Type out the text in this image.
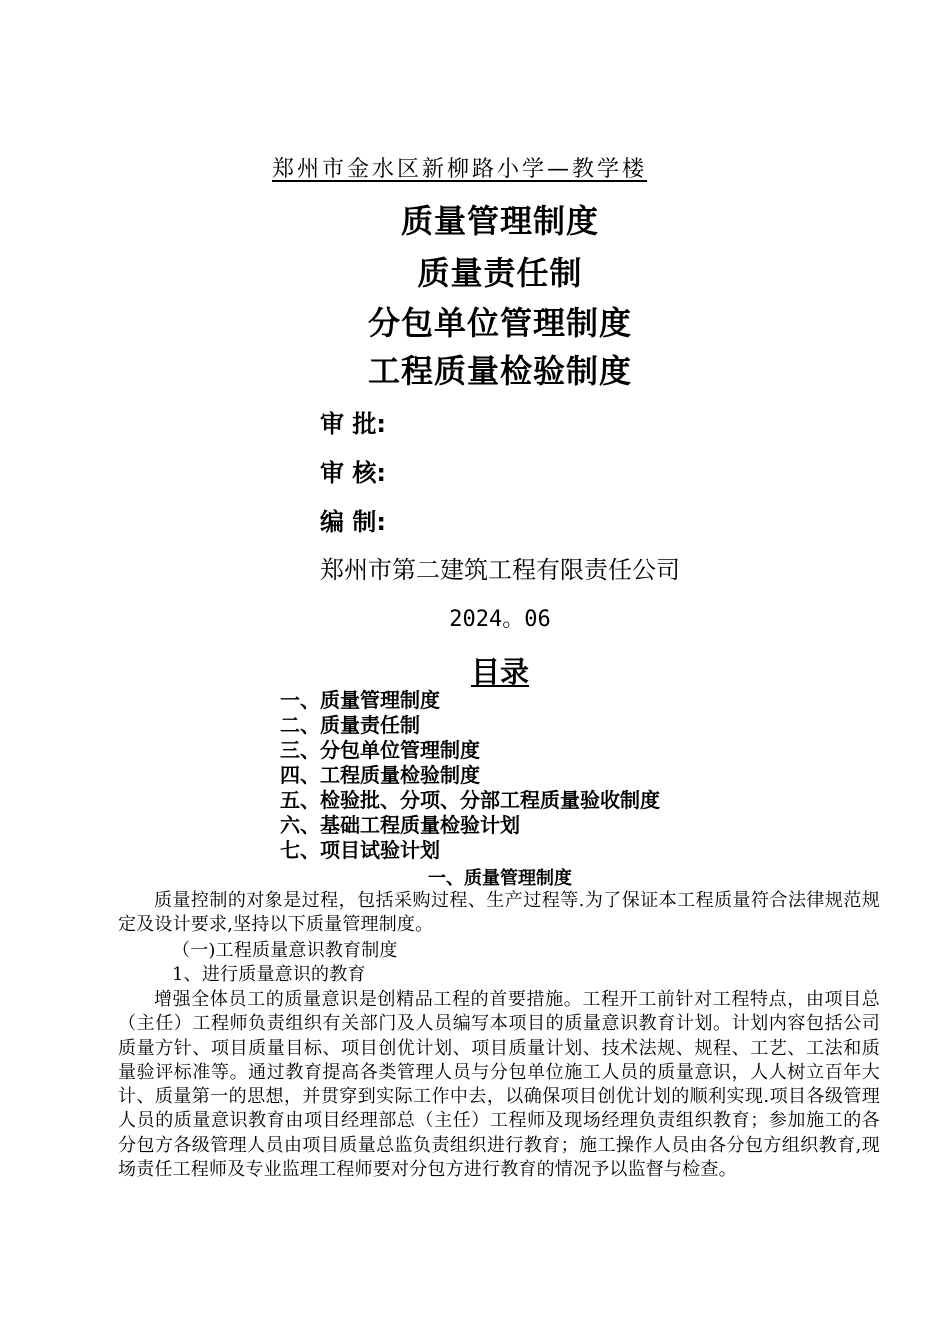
郑州市金水区新柳路小学—教学楼
质量管理制度
质量责任制
分包单位管理制度
工程质量检验制度
审 批:
审 核:
编 制:
郑州市第二建筑工程有限责任公司
2024。06
目录
一、质量管理制度
二、质量责任制
三、分包单位管理制度
四、工程质量检验制度
五、检验批、分项、分部工程质量验收制度
六、基础工程质量检验计划
七、项目试验计划
一、质量管理制度

质量控制的对象是过程，包括采购过程、生产过程等.为了保证本工程质量符合法律规范规定及设计要求,坚持以下质量管理制度。

（一)工程质量意识教育制度

1、进行质量意识的教育

增强全体员工的质量意识是创精品工程的首要措施。工程开工前针对工程特点，由项目总（主任）工程师负责组织有关部门及人员编写本项目的质量意识教育计划。计划内容包括公司质量方针、项目质量目标、项目创优计划、项目质量计划、技术法规、规程、工艺、工法和质量验评标准等。通过教育提高各类管理人员与分包单位施工人员的质量意识，人人树立百年大计、质量第一的思想，并贯穿到实际工作中去，以确保项目创优计划的顺利实现.项目各级管理人员的质量意识教育由项目经理部总（主任）工程师及现场经理负责组织教育；参加施工的各分包方各级管理人员由项目质量总监负责组织进行教育；施工操作人员由各分包方组织教育,现场责任工程师及专业监理工程师要对分包方进行教育的情况予以监督与检查。
